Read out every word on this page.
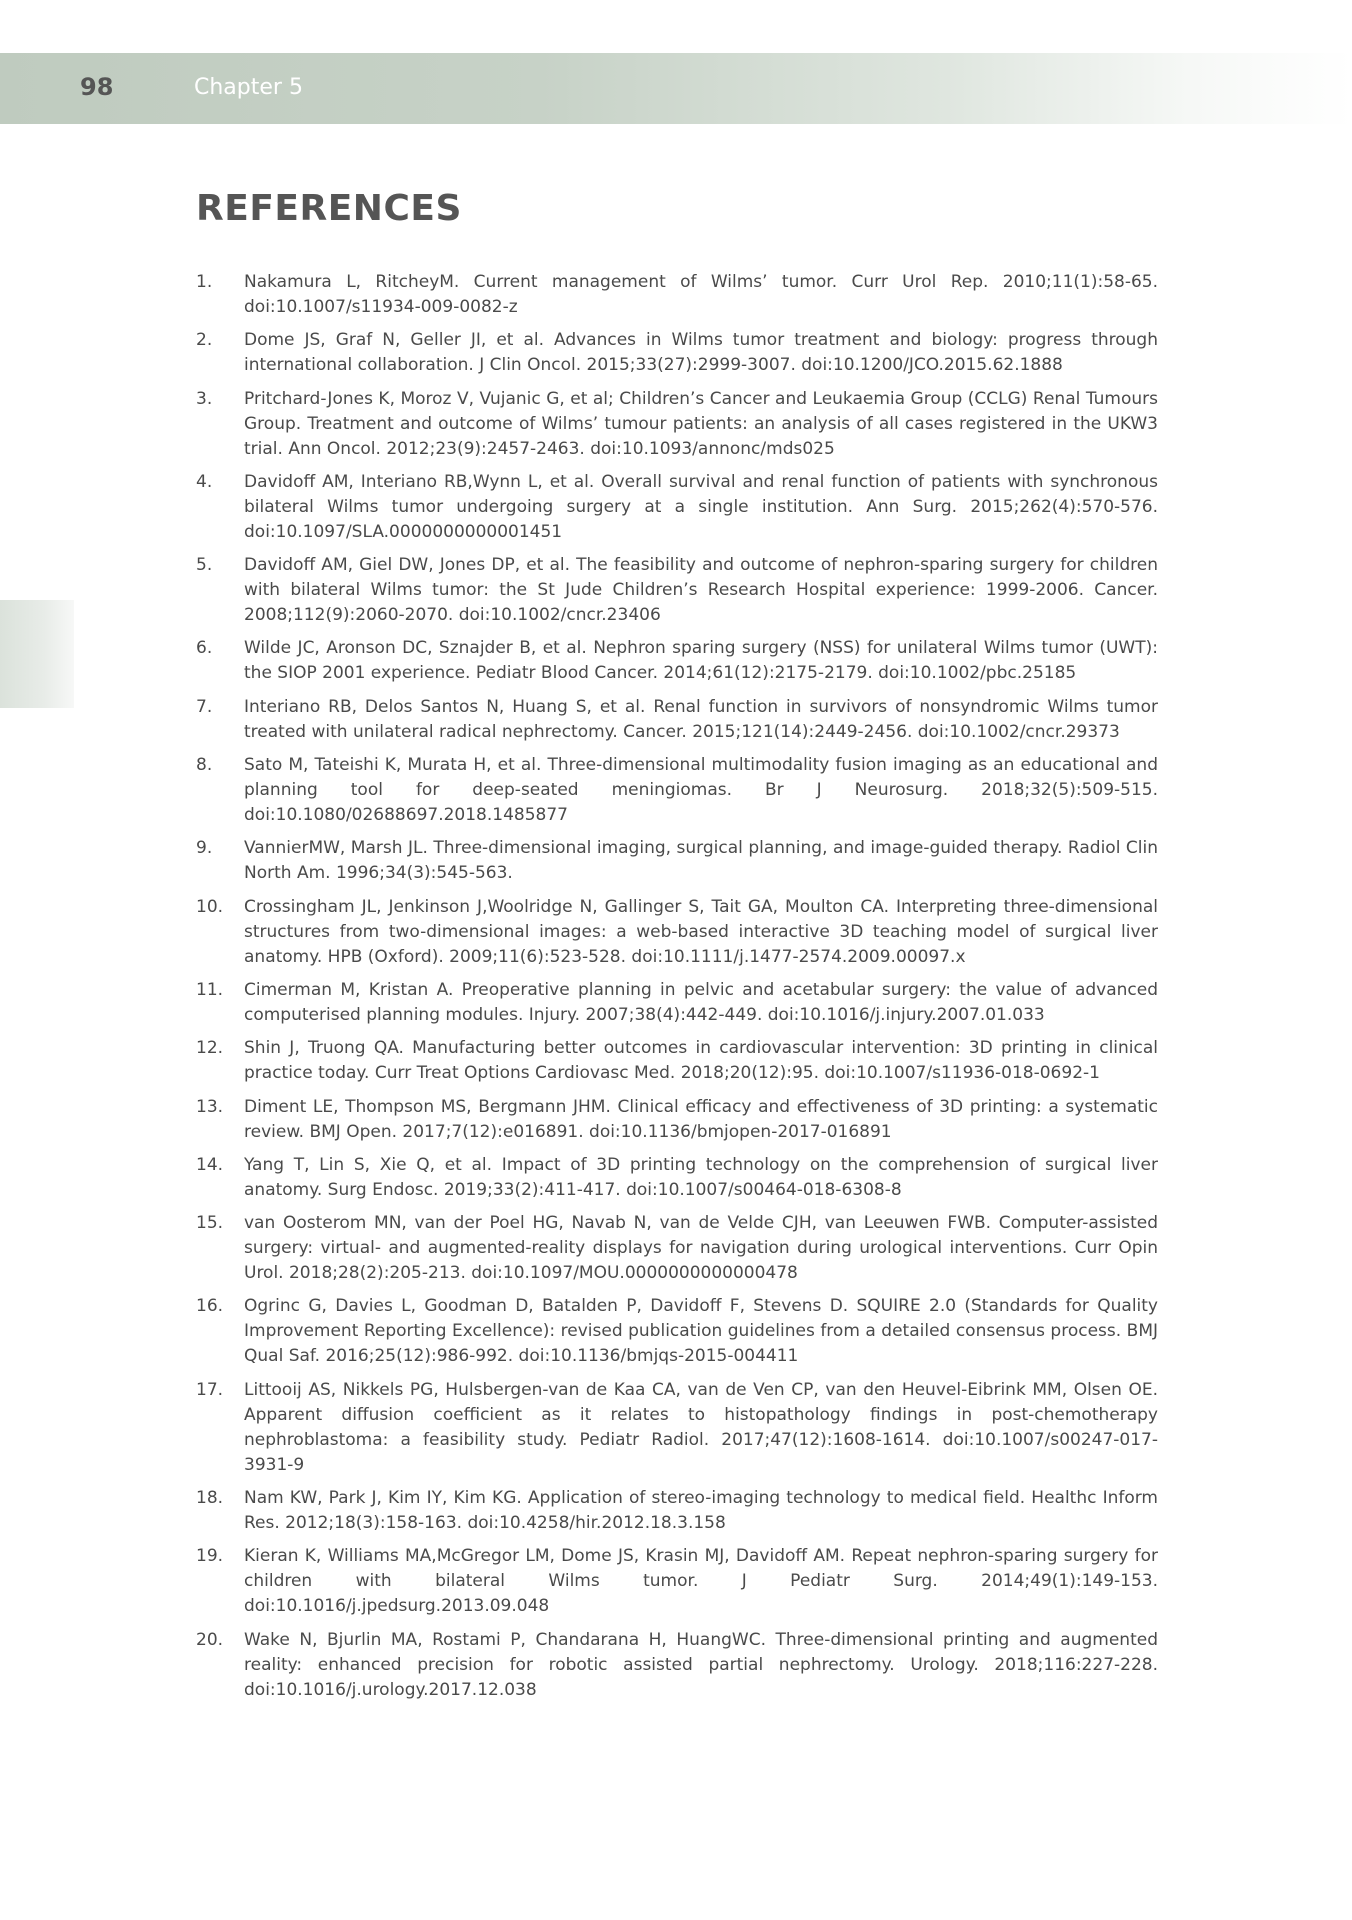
98	Chapter 5
REFERENCES
1.	Nakamura L, RitcheyM. Current management of Wilms’ tumor. Curr Urol Rep. 2010;11(1):58-65. doi:10.1007/s11934-009-0082-z
2.	Dome JS, Graf N, Geller JI, et al. Advances in Wilms tumor treatment and biology: progress through international collaboration. J Clin Oncol. 2015;33(27):2999-3007. doi:10.1200/JCO.2015.62.1888
3.	Pritchard-Jones K, Moroz V, Vujanic G, et al; Children’s Cancer and Leukaemia Group (CCLG) Renal Tumours Group. Treatment and outcome of Wilms’ tumour patients: an analysis of all cases registered in the UKW3 trial. Ann Oncol. 2012;23(9):2457-2463. doi:10.1093/annonc/mds025
4.	Davidoff AM, Interiano RB,Wynn L, et al. Overall survival and renal function of patients with synchronous bilateral Wilms tumor undergoing surgery at a single institution. Ann Surg. 2015;262(4):570-576. doi:10.1097/SLA.0000000000001451
5.	Davidoff AM, Giel DW, Jones DP, et al. The feasibility and outcome of nephron-sparing surgery for children with bilateral Wilms tumor: the St Jude Children’s Research Hospital experience: 1999-2006. Cancer. 2008;112(9):2060-2070. doi:10.1002/cncr.23406
6.	Wilde JC, Aronson DC, Sznajder B, et al. Nephron sparing surgery (NSS) for unilateral Wilms tumor (UWT): the SIOP 2001 experience. Pediatr Blood Cancer. 2014;61(12):2175-2179. doi:10.1002/pbc.25185
7.	Interiano RB, Delos Santos N, Huang S, et al. Renal function in survivors of nonsyndromic Wilms tumor treated with unilateral radical nephrectomy. Cancer. 2015;121(14):2449-2456. doi:10.1002/cncr.29373
8.	Sato M, Tateishi K, Murata H, et al. Three-dimensional multimodality fusion imaging as an educational and planning tool for deep-seated meningiomas. Br J Neurosurg. 2018;32(5):509-515. doi:10.1080/02688697.2018.1485877
9.	VannierMW, Marsh JL. Three-dimensional imaging, surgical planning, and image-guided therapy. Radiol Clin North Am. 1996;34(3):545-563.
10.	Crossingham JL, Jenkinson J,Woolridge N, Gallinger S, Tait GA, Moulton CA. Interpreting three-dimensional structures from two-dimensional images: a web-based interactive 3D teaching model of surgical liver anatomy. HPB (Oxford). 2009;11(6):523-528. doi:10.1111/j.1477-2574.2009.00097.x
11.	Cimerman M, Kristan A. Preoperative planning in pelvic and acetabular surgery: the value of advanced computerised planning modules. Injury. 2007;38(4):442-449. doi:10.1016/j.injury.2007.01.033
12.	Shin J, Truong QA. Manufacturing better outcomes in cardiovascular intervention: 3D printing in clinical practice today. Curr Treat Options Cardiovasc Med. 2018;20(12):95. doi:10.1007/s11936-018-0692-1
13.	Diment LE, Thompson MS, Bergmann JHM. Clinical efficacy and effectiveness of 3D printing: a systematic review. BMJ Open. 2017;7(12):e016891. doi:10.1136/bmjopen-2017-016891
14.	Yang T, Lin S, Xie Q, et al. Impact of 3D printing technology on the comprehension of surgical liver anatomy. Surg Endosc. 2019;33(2):411-417. doi:10.1007/s00464-018-6308-8
15.	van Oosterom MN, van der Poel HG, Navab N, van de Velde CJH, van Leeuwen FWB. Computer-assisted surgery: virtual- and augmented-reality displays for navigation during urological interventions. Curr Opin Urol. 2018;28(2):205-213. doi:10.1097/MOU.0000000000000478
16.	Ogrinc G, Davies L, Goodman D, Batalden P, Davidoff F, Stevens D. SQUIRE 2.0 (Standards for Quality Improvement Reporting Excellence): revised publication guidelines from a detailed consensus process. BMJ Qual Saf. 2016;25(12):986-992. doi:10.1136/bmjqs-2015-004411
17.	Littooij AS, Nikkels PG, Hulsbergen-van de Kaa CA, van de Ven CP, van den Heuvel-Eibrink MM, Olsen OE. Apparent diffusion coefficient as it relates to histopathology findings in post-chemotherapy nephroblastoma: a feasibility study. Pediatr Radiol. 2017;47(12):1608-1614. doi:10.1007/s00247-017-3931-9
18.	Nam KW, Park J, Kim IY, Kim KG. Application of stereo-imaging technology to medical field. Healthc Inform Res. 2012;18(3):158-163. doi:10.4258/hir.2012.18.3.158
19.	Kieran K, Williams MA,McGregor LM, Dome JS, Krasin MJ, Davidoff AM. Repeat nephron-sparing surgery for children with bilateral Wilms tumor. J Pediatr Surg. 2014;49(1):149-153. doi:10.1016/j.jpedsurg.2013.09.048
20.	Wake N, Bjurlin MA, Rostami P, Chandarana H, HuangWC. Three-dimensional printing and augmented reality: enhanced precision for robotic assisted partial nephrectomy. Urology. 2018;116:227-228. doi:10.1016/j.urology.2017.12.038
